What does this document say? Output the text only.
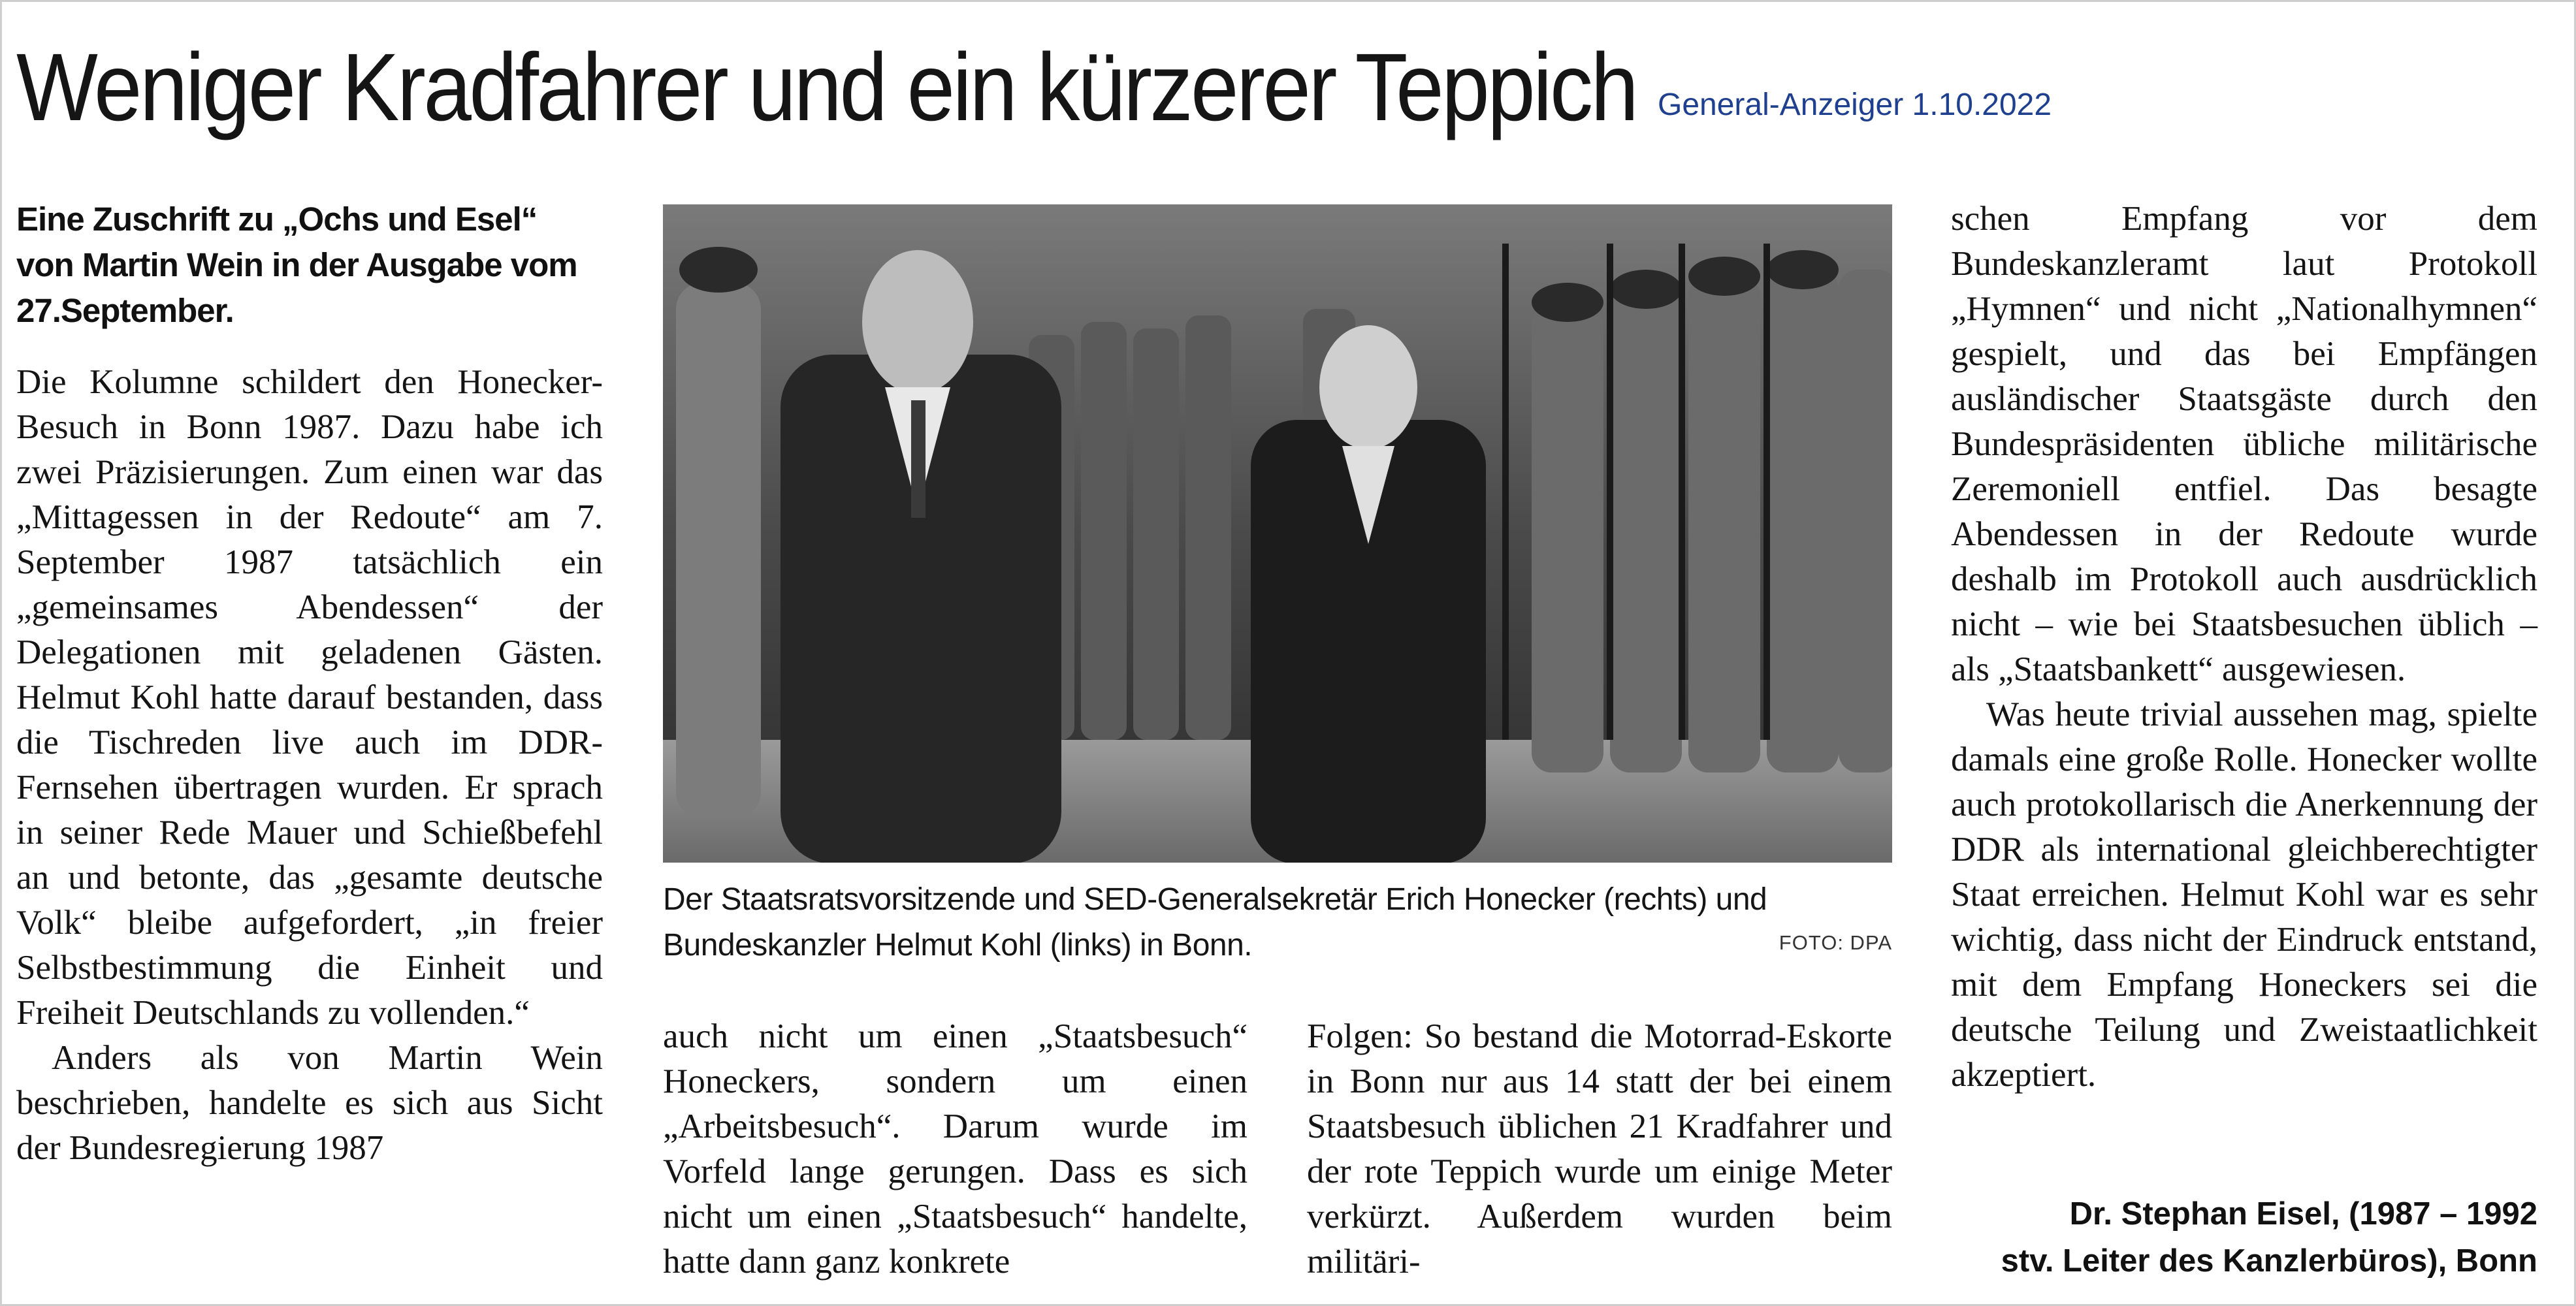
Weniger Kradfahrer und ein kürzerer Teppich General-Anzeiger 1.10.2022
Eine Zuschrift zu „Ochs und Esel“ von Martin Wein in der Ausgabe vom 27.September.

Die Kolumne schildert den Honecker-Besuch in Bonn 1987. Dazu habe ich zwei Präzisierungen. Zum einen war das „Mittagessen in der Redoute“ am 7. September 1987 tatsächlich ein „gemeinsames Abendessen“ der Delegationen mit geladenen Gästen. Helmut Kohl hatte darauf bestanden, dass die Tischreden live auch im DDR-Fernsehen übertragen wurden. Er sprach in seiner Rede Mauer und Schießbefehl an und betonte, das „gesamte deutsche Volk“ bleibe aufgefordert, „in freier Selbstbestimmung die Einheit und Freiheit Deutschlands zu vollenden.“

Anders als von Martin Wein beschrieben, handelte es sich aus Sicht der Bundesregierung 1987

Der Staatsratsvorsitzende und SED-Generalsekretär Erich Honecker (rechts) und Bundeskanzler Helmut Kohl (links) in Bonn.	FOTO: DPA

auch nicht um einen „Staatsbesuch“ Honeckers, sondern um einen „Arbeitsbesuch“. Darum wurde im Vorfeld lange gerungen. Dass es sich nicht um einen „Staatsbesuch“ handelte, hatte dann ganz konkrete

Folgen: So bestand die Motorrad-Eskorte in Bonn nur aus 14 statt der bei einem Staatsbesuch üblichen 21 Kradfahrer und der rote Teppich wurde um einige Meter verkürzt. Außerdem wurden beim militäri-

schen Empfang vor dem Bundeskanzleramt laut Protokoll „Hymnen“ und nicht „Nationalhymnen“ gespielt, und das bei Empfängen ausländischer Staatsgäste durch den Bundespräsidenten übliche militärische Zeremoniell entfiel. Das besagte Abendessen in der Redoute wurde deshalb im Protokoll auch ausdrücklich nicht – wie bei Staatsbesuchen üblich – als „Staatsbankett“ ausgewiesen.

Was heute trivial aussehen mag, spielte damals eine große Rolle. Honecker wollte auch protokollarisch die Anerkennung der DDR als international gleichberechtigter Staat erreichen. Helmut Kohl war es sehr wichtig, dass nicht der Eindruck entstand, mit dem Empfang Honeckers sei die deutsche Teilung und Zweistaatlichkeit akzeptiert.

Dr. Stephan Eisel, (1987 – 1992
stv. Leiter des Kanzlerbüros), Bonn
